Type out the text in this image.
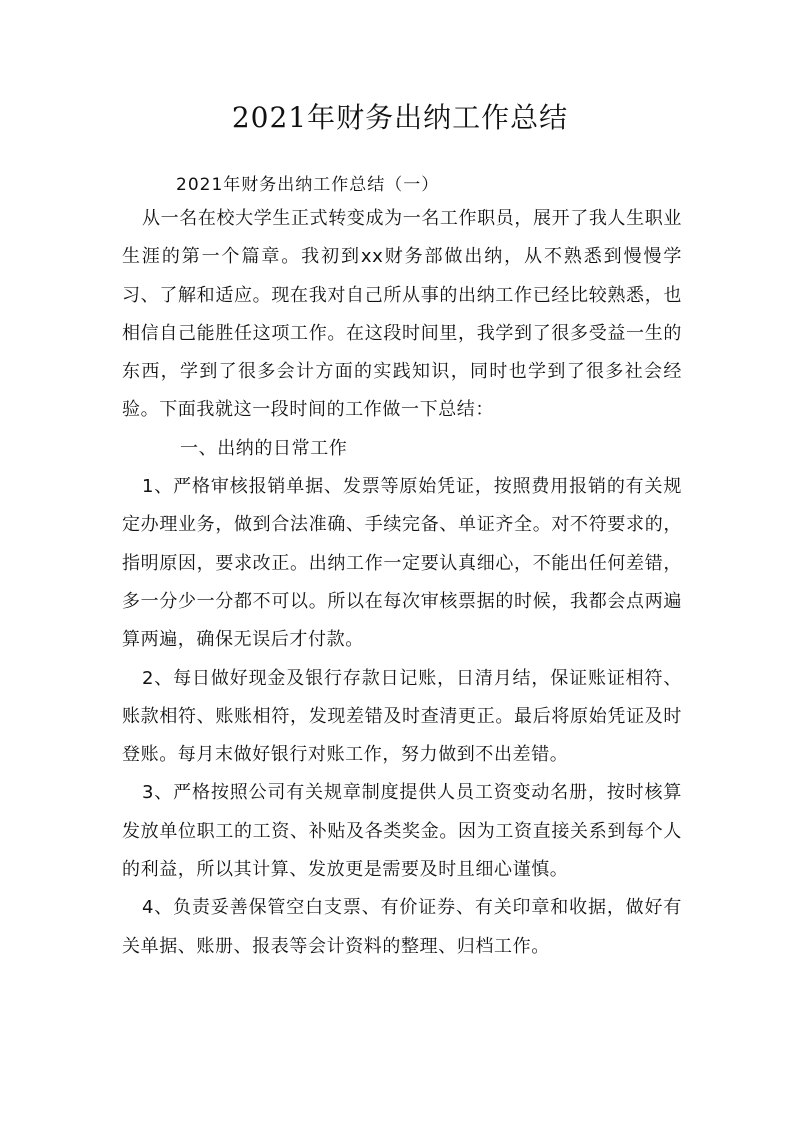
2021年财务出纳工作总结
2021年财务出纳工作总结（一）

从一名在校大学生正式转变成为一名工作职员，展开了我人生职业生涯的第一个篇章。我初到xx财务部做出纳，从不熟悉到慢慢学习、了解和适应。现在我对自己所从事的出纳工作已经比较熟悉，也相信自己能胜任这项工作。在这段时间里，我学到了很多受益一生的东西，学到了很多会计方面的实践知识，同时也学到了很多社会经验。下面我就这一段时间的工作做一下总结：

一、出纳的日常工作

1、严格审核报销单据、发票等原始凭证，按照费用报销的有关规定办理业务，做到合法准确、手续完备、单证齐全。对不符要求的，指明原因，要求改正。出纳工作一定要认真细心，不能出任何差错，多一分少一分都不可以。所以在每次审核票据的时候，我都会点两遍算两遍，确保无误后才付款。

2、每日做好现金及银行存款日记账，日清月结，保证账证相符、账款相符、账账相符，发现差错及时查清更正。最后将原始凭证及时登账。每月末做好银行对账工作，努力做到不出差错。

3、严格按照公司有关规章制度提供人员工资变动名册，按时核算发放单位职工的工资、补贴及各类奖金。因为工资直接关系到每个人的利益，所以其计算、发放更是需要及时且细心谨慎。

4、负责妥善保管空白支票、有价证券、有关印章和收据，做好有关单据、账册、报表等会计资料的整理、归档工作。
